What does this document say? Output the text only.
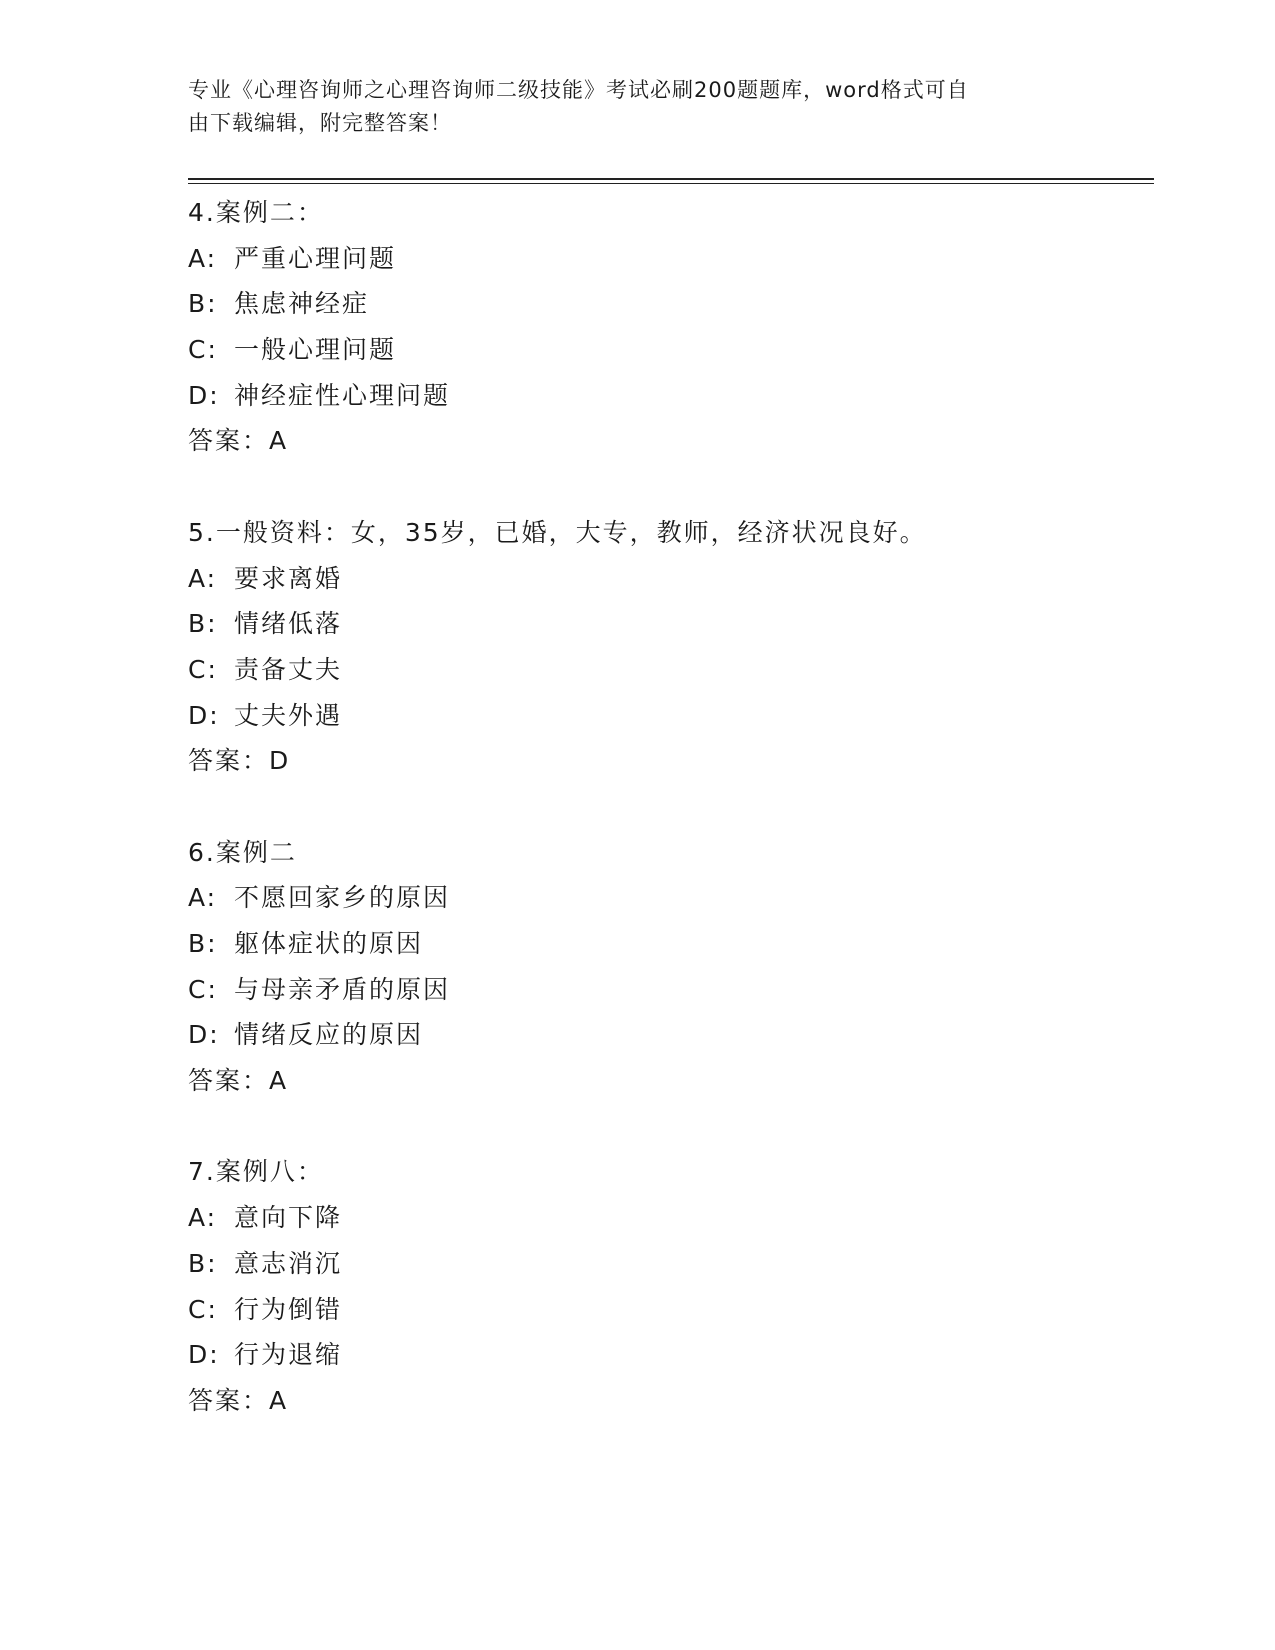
专业《心理咨询师之心理咨询师二级技能》考试必刷200题题库，word格式可自
由下载编辑，附完整答案！
4.案例二：
A: 严重心理问题
B: 焦虑神经症
C: 一般心理问题
D: 神经症性心理问题
答案：A
5.一般资料：女，35岁，已婚，大专，教师，经济状况良好。
A: 要求离婚
B: 情绪低落
C: 责备丈夫
D: 丈夫外遇
答案：D
6.案例二
A: 不愿回家乡的原因
B: 躯体症状的原因
C: 与母亲矛盾的原因
D: 情绪反应的原因
答案：A
7.案例八：
A: 意向下降
B: 意志消沉
C: 行为倒错
D: 行为退缩
答案：A
